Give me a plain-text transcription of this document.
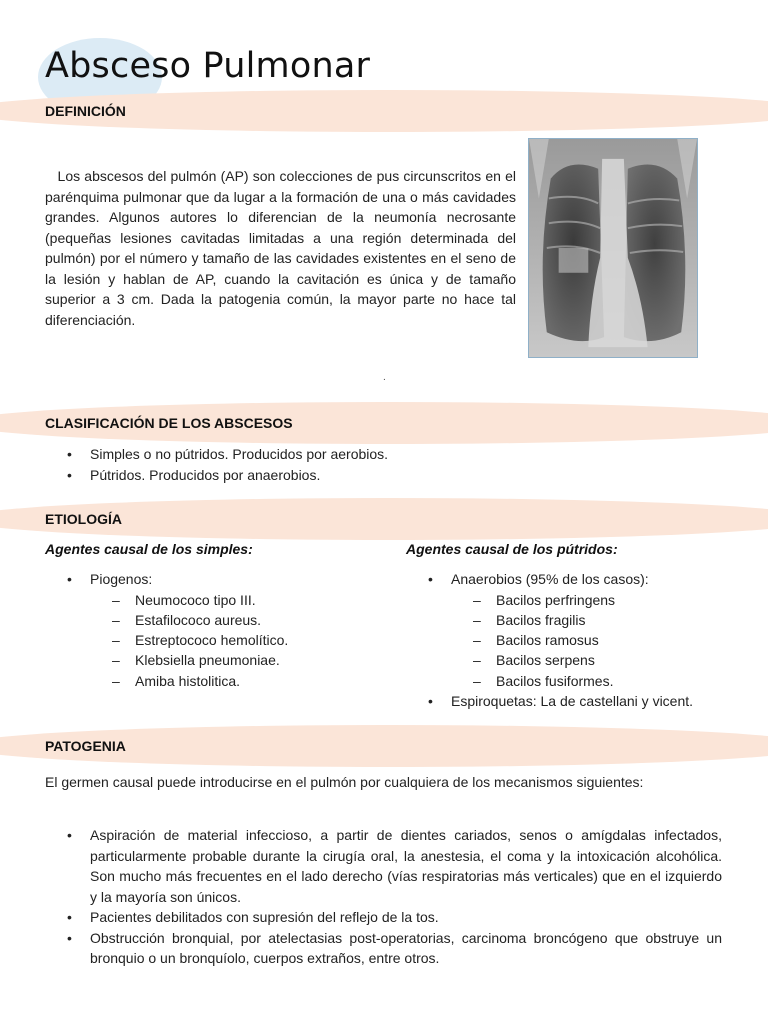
Absceso Pulmonar
DEFINICIÓN
Los abscesos del pulmón (AP) son colecciones de pus circunscritos en el parénquima pulmonar que da lugar a la formación de una o más cavidades grandes. Algunos autores lo diferencian de la neumonía necrosante (pequeñas lesiones cavitadas limitadas a una región determinada del pulmón) por el número y tamaño de las cavidades existentes en el seno de la lesión y hablan de AP, cuando la cavitación es única y de tamaño superior a 3 cm. Dada la patogenia común, la mayor parte no hace tal diferenciación.
.
CLASIFICACIÓN DE LOS ABSCESOS
• Simples o no pútridos. Producidos por aerobios.
• Pútridos. Producidos por anaerobios.
ETIOLOGÍA
Agentes causal de los simples:	Agentes causal de los pútridos:
• Piogenos:
– Neumococo tipo III.
– Estafilococo aureus.
– Estreptococo hemolítico.
– Klebsiella pneumoniae.
– Amiba histolitica.
• Anaerobios (95% de los casos):
– Bacilos perfringens
– Bacilos fragilis
– Bacilos ramosus
– Bacilos serpens
– Bacilos fusiformes.
• Espiroquetas: La de castellani y vicent.
PATOGENIA
El germen causal puede introducirse en el pulmón por cualquiera de los mecanismos siguientes:
• Aspiración de material infeccioso, a partir de dientes cariados, senos o amígdalas infectados, particularmente probable durante la cirugía oral, la anestesia, el coma y la intoxicación alcohólica. Son mucho más frecuentes en el lado derecho (vías respiratorias más verticales) que en el izquierdo y la mayoría son únicos.
• Pacientes debilitados con supresión del reflejo de la tos.
• Obstrucción bronquial, por atelectasias post-operatorias, carcinoma broncógeno que obstruye un bronquio o un bronquíolo, cuerpos extraños, entre otros.
